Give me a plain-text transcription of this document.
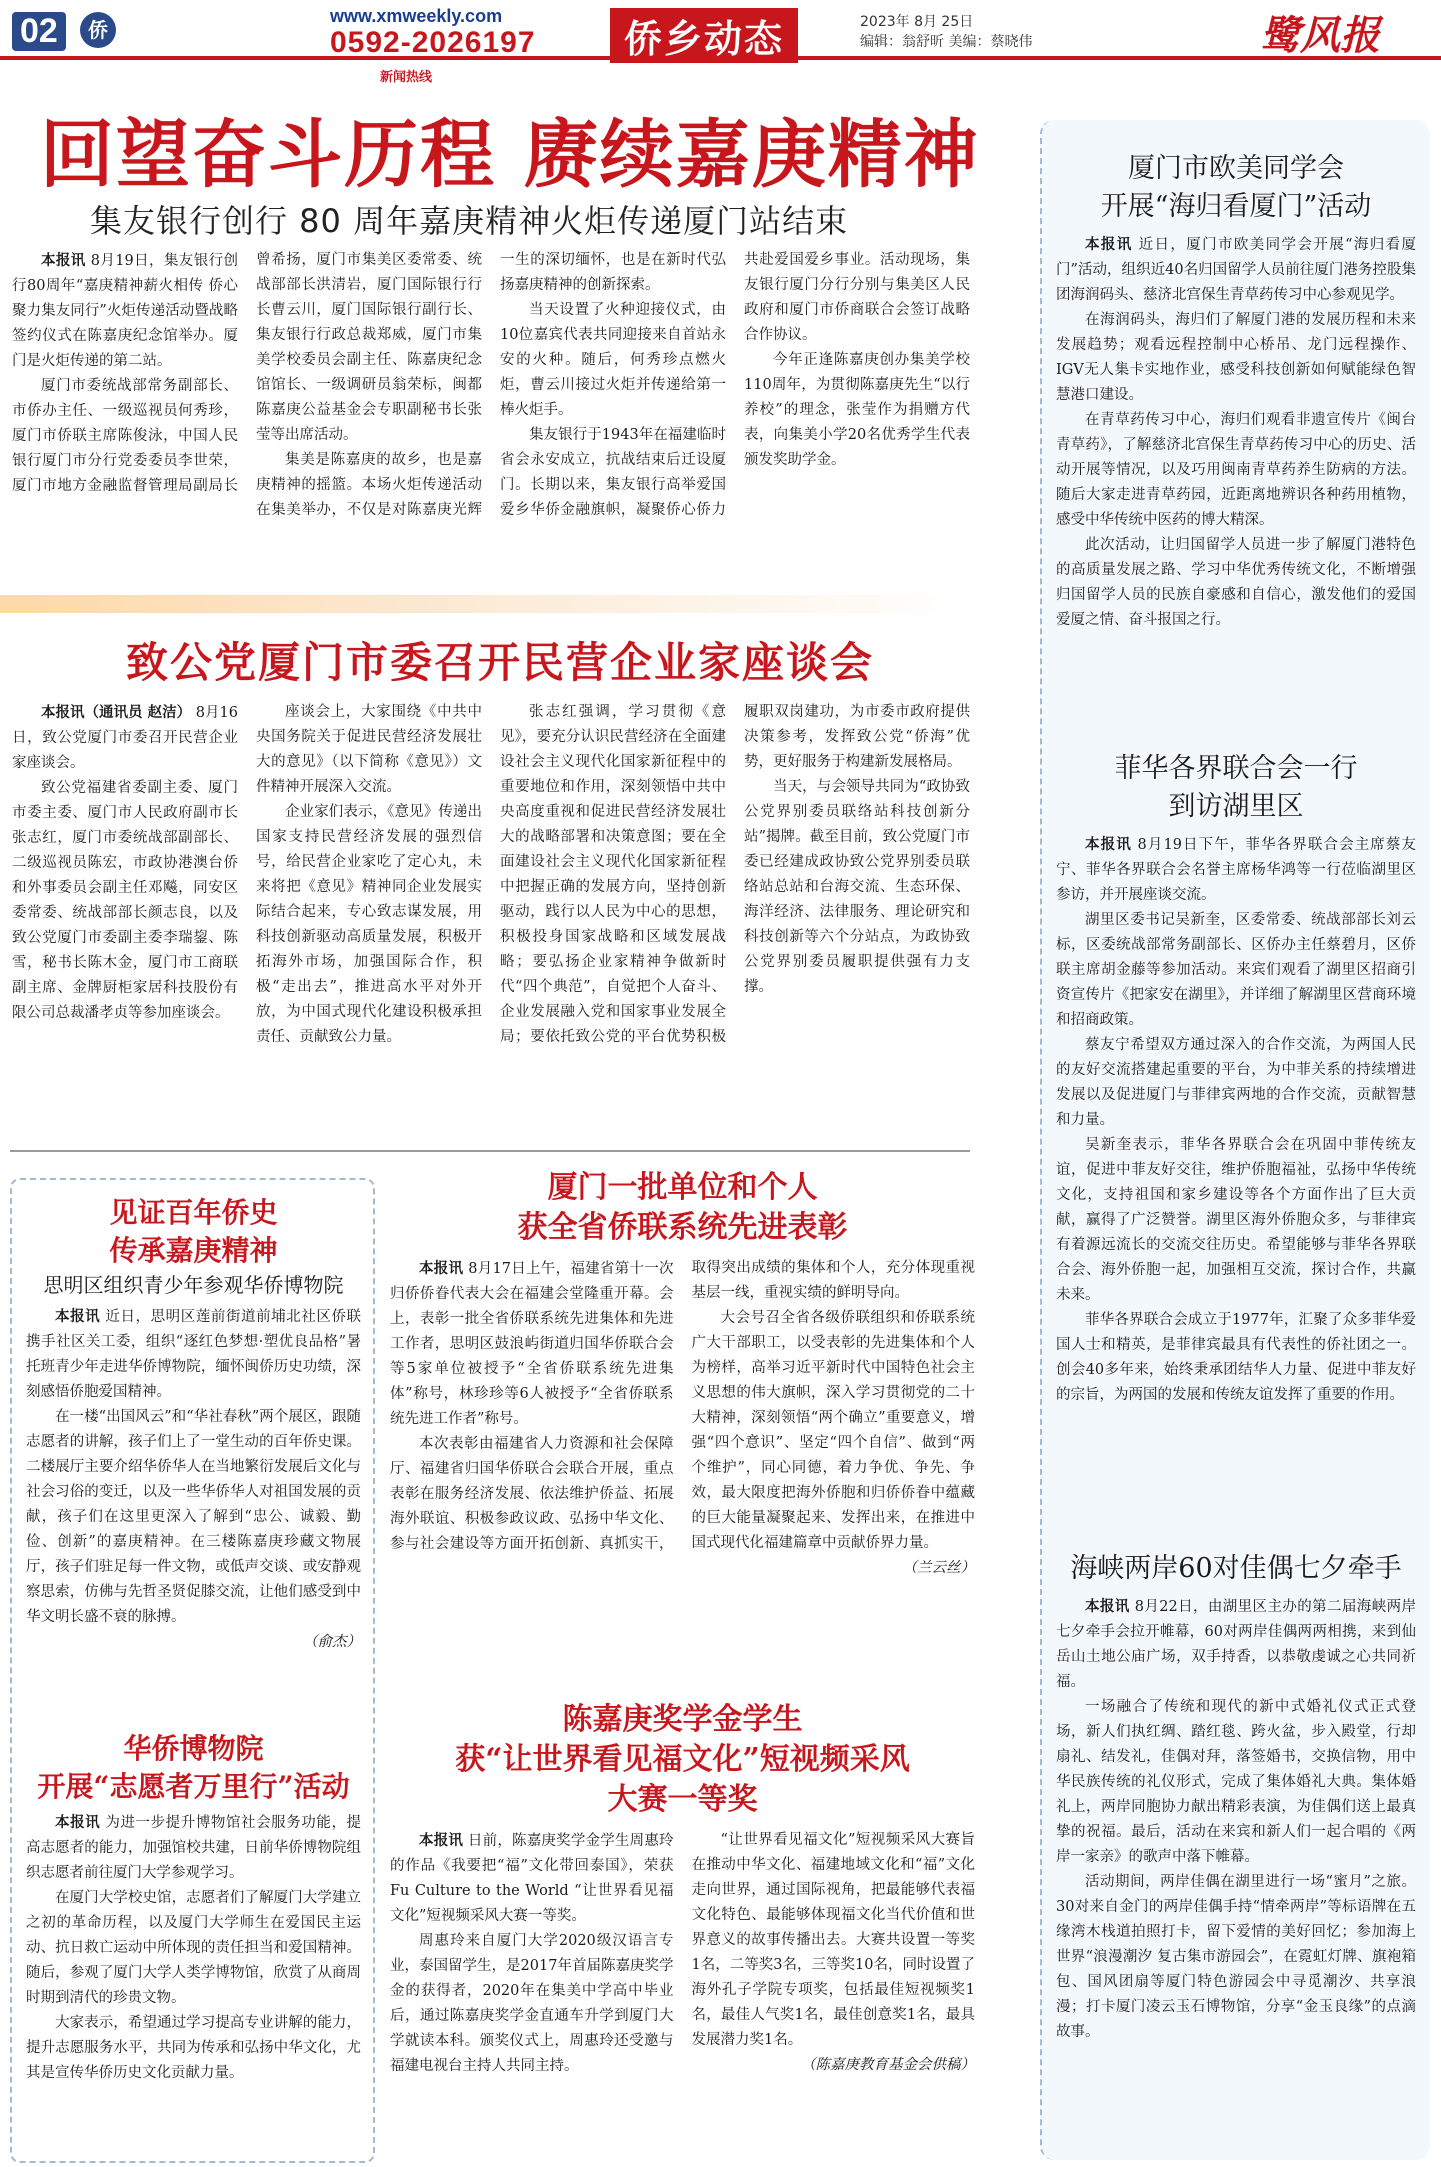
02	侨
www.xmweekly.com
0592-2026197
新闻热线
侨乡动态	2023年 8月 25日
编辑：翁舒昕 美编：蔡晓伟	鹭风报
回望奋斗历程 赓续嘉庚精神
集友银行创行 80 周年嘉庚精神火炬传递厦门站结束

本报讯 8月19日，集友银行创行80周年“嘉庚精神薪火相传 侨心聚力集友同行”火炬传递活动暨战略签约仪式在陈嘉庚纪念馆举办。厦门是火炬传递的第二站。

厦门市委统战部常务副部长、市侨办主任、一级巡视员何秀珍，厦门市侨联主席陈俊泳，中国人民银行厦门市分行党委委员李世荣，厦门市地方金融监督管理局副局长曾希扬，厦门市集美区委常委、统战部部长洪清岩，厦门国际银行行长曹云川，厦门国际银行副行长、集友银行行政总裁郑威，厦门市集美学校委员会副主任、陈嘉庚纪念馆馆长、一级调研员翁荣标，闽都陈嘉庚公益基金会专职副秘书长张莹等出席活动。

集美是陈嘉庚的故乡，也是嘉庚精神的摇篮。本场火炬传递活动在集美举办，不仅是对陈嘉庚光辉一生的深切缅怀，也是在新时代弘扬嘉庚精神的创新探索。

当天设置了火种迎接仪式，由10位嘉宾代表共同迎接来自首站永安的火种。随后，何秀珍点燃火炬，曹云川接过火炬并传递给第一棒火炬手。

集友银行于1943年在福建临时省会永安成立，抗战结束后迁设厦门。长期以来，集友银行高举爱国爱乡华侨金融旗帜，凝聚侨心侨力共赴爱国爱乡事业。活动现场，集友银行厦门分行分别与集美区人民政府和厦门市侨商联合会签订战略合作协议。

今年正逢陈嘉庚创办集美学校110周年，为贯彻陈嘉庚先生“以行养校”的理念，张莹作为捐赠方代表，向集美小学20名优秀学生代表颁发奖助学金。

致公党厦门市委召开民营企业家座谈会

本报讯（通讯员 赵洁） 8月16日，致公党厦门市委召开民营企业家座谈会。

致公党福建省委副主委、厦门市委主委、厦门市人民政府副市长张志红，厦门市委统战部副部长、二级巡视员陈宏，市政协港澳台侨和外事委员会副主任邓飚，同安区委常委、统战部部长颜志良，以及致公党厦门市委副主委李瑞鋆、陈雪，秘书长陈木金，厦门市工商联副主席、金牌厨柜家居科技股份有限公司总裁潘孝贞等参加座谈会。

座谈会上，大家围绕《中共中央国务院关于促进民营经济发展壮大的意见》（以下简称《意见》）文件精神开展深入交流。

企业家们表示，《意见》传递出国家支持民营经济发展的强烈信号，给民营企业家吃了定心丸，未来将把《意见》精神同企业发展实际结合起来，专心致志谋发展，用科技创新驱动高质量发展，积极开拓海外市场，加强国际合作，积极“走出去”，推进高水平对外开放，为中国式现代化建设积极承担责任、贡献致公力量。

张志红强调，学习贯彻《意见》，要充分认识民营经济在全面建设社会主义现代化国家新征程中的重要地位和作用，深刻领悟中共中央高度重视和促进民营经济发展壮大的战略部署和决策意图；要在全面建设社会主义现代化国家新征程中把握正确的发展方向，坚持创新驱动，践行以人民为中心的思想，积极投身国家战略和区域发展战略；要弘扬企业家精神争做新时代“四个典范”，自觉把个人奋斗、企业发展融入党和国家事业发展全局；要依托致公党的平台优势积极履职双岗建功，为市委市政府提供决策参考，发挥致公党“侨海”优势，更好服务于构建新发展格局。

当天，与会领导共同为“政协致公党界别委员联络站科技创新分站”揭牌。截至目前，致公党厦门市委已经建成政协致公党界别委员联络站总站和台海交流、生态环保、海洋经济、法律服务、理论研究和科技创新等六个分站点，为政协致公党界别委员履职提供强有力支撑。

厦门市欧美同学会

开展“海归看厦门”活动

本报讯 近日，厦门市欧美同学会开展“海归看厦门”活动，组织近40名归国留学人员前往厦门港务控股集团海润码头、慈济北宫保生青草药传习中心参观见学。

在海润码头，海归们了解厦门港的发展历程和未来发展趋势；观看远程控制中心桥吊、龙门远程操作、IGV无人集卡实地作业，感受科技创新如何赋能绿色智慧港口建设。

在青草药传习中心，海归们观看非遗宣传片《闽台青草药》，了解慈济北宫保生青草药传习中心的历史、活动开展等情况，以及巧用闽南青草药养生防病的方法。随后大家走进青草药园，近距离地辨识各种药用植物，感受中华传统中医药的博大精深。

此次活动，让归国留学人员进一步了解厦门港特色的高质量发展之路、学习中华优秀传统文化，不断增强归国留学人员的民族自豪感和自信心，激发他们的爱国爱厦之情、奋斗报国之行。

菲华各界联合会一行

到访湖里区

本报讯 8月19日下午，菲华各界联合会主席蔡友宁、菲华各界联合会名誉主席杨华鸿等一行莅临湖里区参访，并开展座谈交流。

湖里区委书记吴新奎，区委常委、统战部部长刘云标，区委统战部常务副部长、区侨办主任蔡碧月，区侨联主席胡金藤等参加活动。来宾们观看了湖里区招商引资宣传片《把家安在湖里》，并详细了解湖里区营商环境和招商政策。

蔡友宁希望双方通过深入的合作交流，为两国人民的友好交流搭建起重要的平台，为中菲关系的持续增进发展以及促进厦门与菲律宾两地的合作交流，贡献智慧和力量。

吴新奎表示，菲华各界联合会在巩固中菲传统友谊，促进中菲友好交往，维护侨胞福祉，弘扬中华传统文化，支持祖国和家乡建设等各个方面作出了巨大贡献，赢得了广泛赞誉。湖里区海外侨胞众多，与菲律宾有着源远流长的交流交往历史。希望能够与菲华各界联合会、海外侨胞一起，加强相互交流，探讨合作，共赢未来。

菲华各界联合会成立于1977年，汇聚了众多菲华爱国人士和精英，是菲律宾最具有代表性的侨社团之一。创会40多年来，始终秉承团结华人力量、促进中菲友好的宗旨，为两国的发展和传统友谊发挥了重要的作用。

海峡两岸60对佳偶七夕牵手

本报讯 8月22日，由湖里区主办的第二届海峡两岸七夕牵手会拉开帷幕，60对两岸佳偶两两相携，来到仙岳山土地公庙广场，双手持香，以恭敬虔诚之心共同祈福。

一场融合了传统和现代的新中式婚礼仪式正式登场，新人们执红绸、踏红毯、跨火盆，步入殿堂，行却扇礼、结发礼，佳偶对拜，落签婚书，交换信物，用中华民族传统的礼仪形式，完成了集体婚礼大典。集体婚礼上，两岸同胞协力献出精彩表演，为佳偶们送上最真挚的祝福。最后，活动在来宾和新人们一起合唱的《两岸一家亲》的歌声中落下帷幕。

活动期间，两岸佳偶在湖里进行一场“蜜月”之旅。30对来自金门的两岸佳偶手持“情牵两岸”等标语牌在五缘湾木栈道拍照打卡，留下爱情的美好回忆；参加海上世界“浪漫潮汐 复古集市游园会”，在霓虹灯牌、旗袍箱包、国风团扇等厦门特色游园会中寻觅潮汐、共享浪漫；打卡厦门凌云玉石博物馆，分享“金玉良缘”的点滴故事。

见证百年侨史

传承嘉庚精神

思明区组织青少年参观华侨博物院

本报讯 近日，思明区莲前街道前埔北社区侨联携手社区关工委，组织“逐红色梦想·塑优良品格”暑托班青少年走进华侨博物院，缅怀闽侨历史功绩，深刻感悟侨胞爱国精神。

在一楼“出国风云”和“华社春秋”两个展区，跟随志愿者的讲解，孩子们上了一堂生动的百年侨史课。二楼展厅主要介绍华侨华人在当地繁衍发展后文化与社会习俗的变迁，以及一些华侨华人对祖国发展的贡献，孩子们在这里更深入了解到“忠公、诚毅、勤俭、创新”的嘉庚精神。在三楼陈嘉庚珍藏文物展厅，孩子们驻足每一件文物，或低声交谈、或安静观察思索，仿佛与先哲圣贤促膝交流，让他们感受到中华文明长盛不衰的脉搏。

（俞杰）

华侨博物院

开展“志愿者万里行”活动

本报讯 为进一步提升博物馆社会服务功能，提高志愿者的能力，加强馆校共建，日前华侨博物院组织志愿者前往厦门大学参观学习。

在厦门大学校史馆，志愿者们了解厦门大学建立之初的革命历程，以及厦门大学师生在爱国民主运动、抗日救亡运动中所体现的责任担当和爱国精神。随后，参观了厦门大学人类学博物馆，欣赏了从商周时期到清代的珍贵文物。

大家表示，希望通过学习提高专业讲解的能力，提升志愿服务水平，共同为传承和弘扬中华文化，尤其是宣传华侨历史文化贡献力量。

厦门一批单位和个人

获全省侨联系统先进表彰

本报讯 8月17日上午，福建省第十一次归侨侨眷代表大会在福建会堂隆重开幕。会上，表彰一批全省侨联系统先进集体和先进工作者，思明区鼓浪屿街道归国华侨联合会等5家单位被授予“全省侨联系统先进集体”称号，林珍珍等6人被授予“全省侨联系统先进工作者”称号。

本次表彰由福建省人力资源和社会保障厅、福建省归国华侨联合会联合开展，重点表彰在服务经济发展、依法维护侨益、拓展海外联谊、积极参政议政、弘扬中华文化、参与社会建设等方面开拓创新、真抓实干，取得突出成绩的集体和个人，充分体现重视基层一线，重视实绩的鲜明导向。

大会号召全省各级侨联组织和侨联系统广大干部职工，以受表彰的先进集体和个人为榜样，高举习近平新时代中国特色社会主义思想的伟大旗帜，深入学习贯彻党的二十大精神，深刻领悟“两个确立”重要意义，增强“四个意识”、坚定“四个自信”、做到“两个维护”，同心同德，着力争优、争先、争效，最大限度把海外侨胞和归侨侨眷中蕴藏的巨大能量凝聚起来、发挥出来，在推进中国式现代化福建篇章中贡献侨界力量。

（兰云丝）

陈嘉庚奖学金学生

获“让世界看见福文化”短视频采风

大赛一等奖

本报讯 日前，陈嘉庚奖学金学生周惠玲的作品《我要把“福”文化带回泰国》，荣获Fu Culture to the World “让世界看见福文化”短视频采风大赛一等奖。

周惠玲来自厦门大学2020级汉语言专业，泰国留学生，是2017年首届陈嘉庚奖学金的获得者，2020年在集美中学高中毕业后，通过陈嘉庚奖学金直通车升学到厦门大学就读本科。颁奖仪式上，周惠玲还受邀与福建电视台主持人共同主持。

“让世界看见福文化”短视频采风大赛旨在推动中华文化、福建地域文化和“福”文化走向世界，通过国际视角，把最能够代表福文化特色、最能够体现福文化当代价值和世界意义的故事传播出去。大赛共设置一等奖1名，二等奖3名，三等奖10名，同时设置了海外孔子学院专项奖，包括最佳短视频奖1名，最佳人气奖1名，最佳创意奖1名，最具发展潜力奖1名。

（陈嘉庚教育基金会供稿）
